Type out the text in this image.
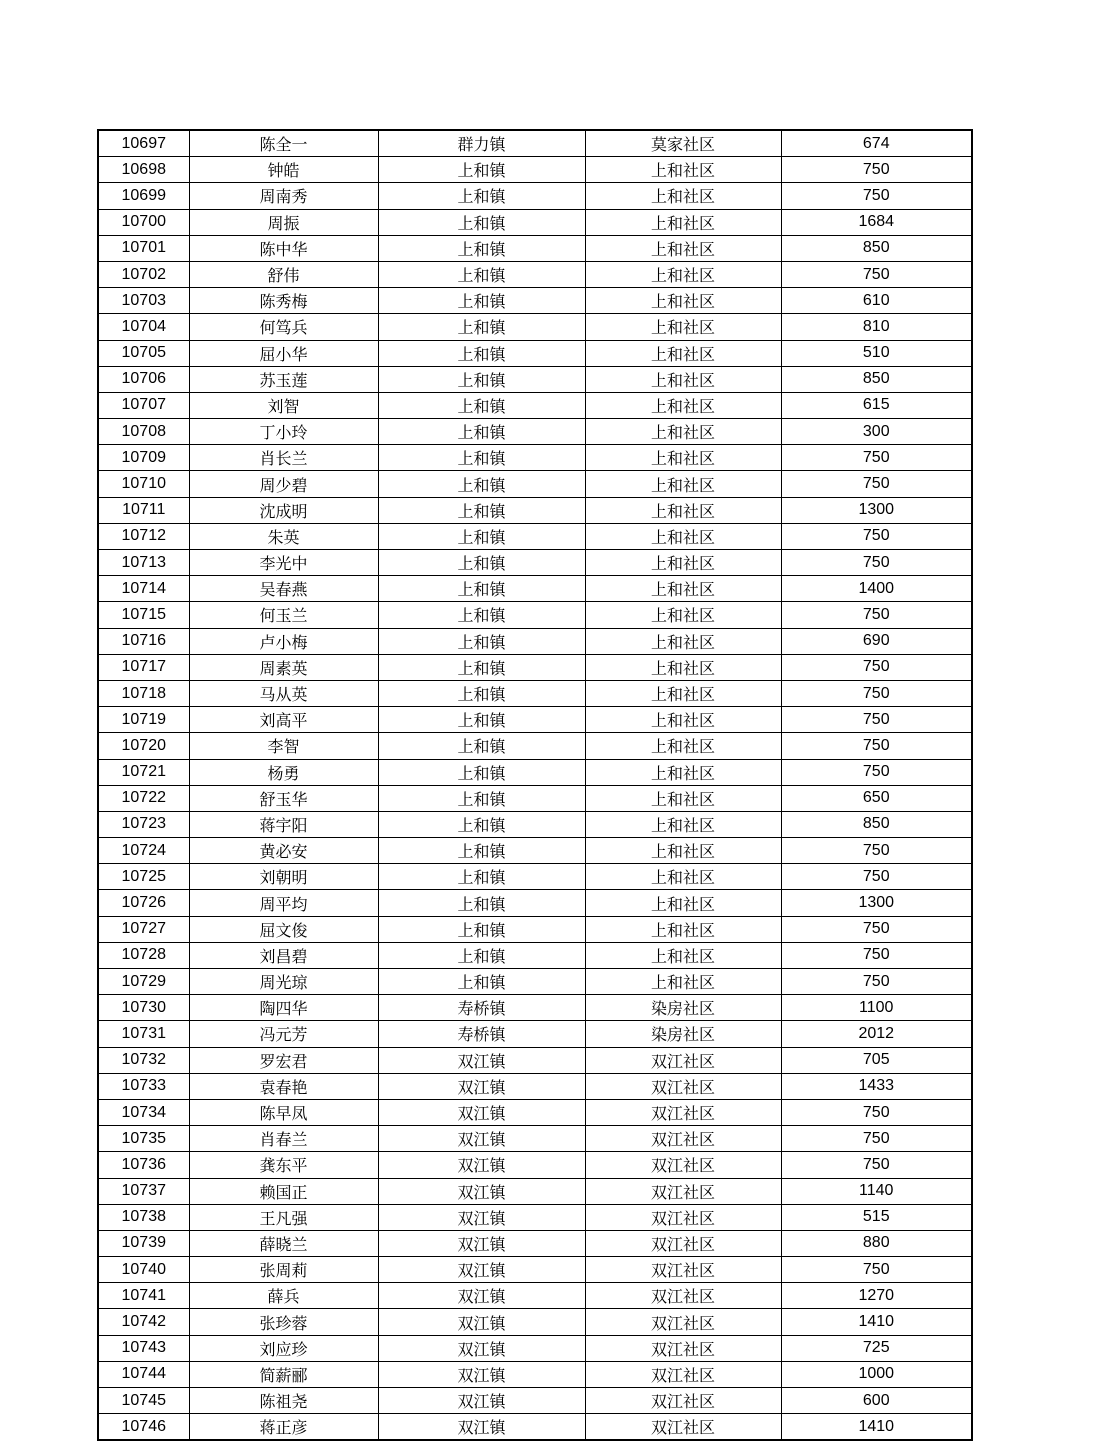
10697	陈全一	群力镇	莫家社区	674
10698	钟皓	上和镇	上和社区	750
10699	周南秀	上和镇	上和社区	750
10700	周振	上和镇	上和社区	1684
10701	陈中华	上和镇	上和社区	850
10702	舒伟	上和镇	上和社区	750
10703	陈秀梅	上和镇	上和社区	610
10704	何笃兵	上和镇	上和社区	810
10705	屈小华	上和镇	上和社区	510
10706	苏玉莲	上和镇	上和社区	850
10707	刘智	上和镇	上和社区	615
10708	丁小玲	上和镇	上和社区	300
10709	肖长兰	上和镇	上和社区	750
10710	周少碧	上和镇	上和社区	750
10711	沈成明	上和镇	上和社区	1300
10712	朱英	上和镇	上和社区	750
10713	李光中	上和镇	上和社区	750
10714	吴春燕	上和镇	上和社区	1400
10715	何玉兰	上和镇	上和社区	750
10716	卢小梅	上和镇	上和社区	690
10717	周素英	上和镇	上和社区	750
10718	马从英	上和镇	上和社区	750
10719	刘高平	上和镇	上和社区	750
10720	李智	上和镇	上和社区	750
10721	杨勇	上和镇	上和社区	750
10722	舒玉华	上和镇	上和社区	650
10723	蒋宇阳	上和镇	上和社区	850
10724	黄必安	上和镇	上和社区	750
10725	刘朝明	上和镇	上和社区	750
10726	周平均	上和镇	上和社区	1300
10727	屈文俊	上和镇	上和社区	750
10728	刘昌碧	上和镇	上和社区	750
10729	周光琼	上和镇	上和社区	750
10730	陶四华	寿桥镇	染房社区	1100
10731	冯元芳	寿桥镇	染房社区	2012
10732	罗宏君	双江镇	双江社区	705
10733	袁春艳	双江镇	双江社区	1433
10734	陈早凤	双江镇	双江社区	750
10735	肖春兰	双江镇	双江社区	750
10736	龚东平	双江镇	双江社区	750
10737	赖国正	双江镇	双江社区	1140
10738	王凡强	双江镇	双江社区	515
10739	薛晓兰	双江镇	双江社区	880
10740	张周莉	双江镇	双江社区	750
10741	薛兵	双江镇	双江社区	1270
10742	张珍蓉	双江镇	双江社区	1410
10743	刘应珍	双江镇	双江社区	725
10744	简薪郦	双江镇	双江社区	1000
10745	陈祖尧	双江镇	双江社区	600
10746	蒋正彦	双江镇	双江社区	1410
